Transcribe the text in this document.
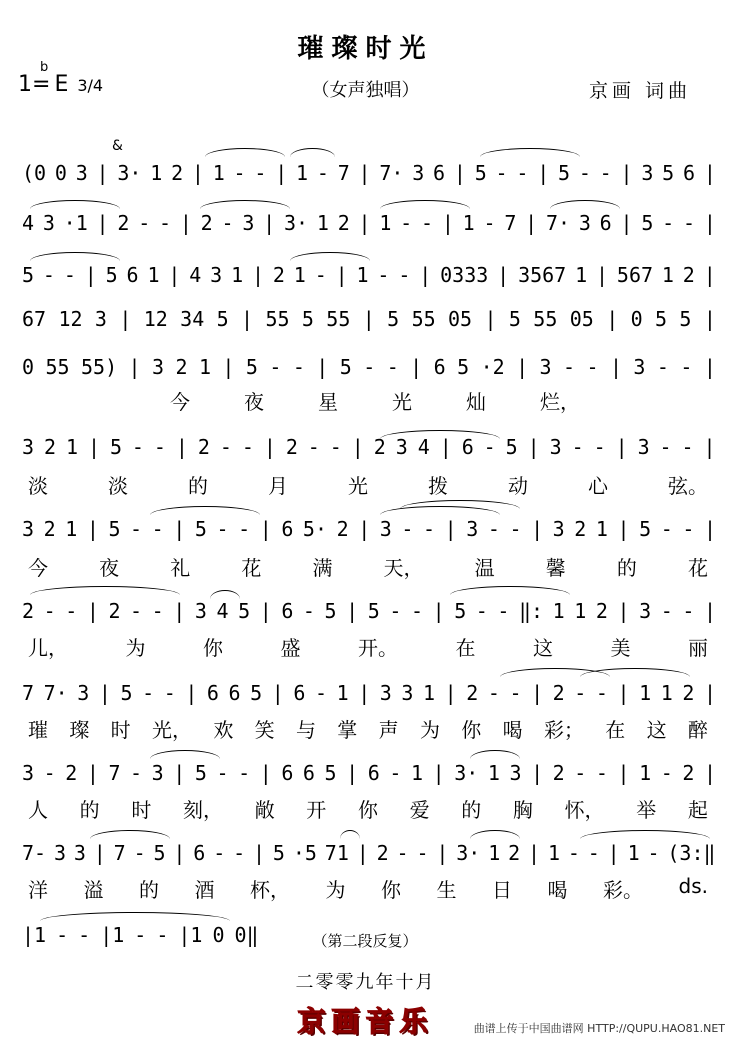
璀璨时光
1=
b
E 3/4	（女声独唱）	京画 词曲
&
(0 0 3 | 3· 1 2 | 1 - - | 1 - 7 | 7· 3 6 | 5 - - | 5 - - | 3 5 6 |
4 3 ·1 | 2 - - | 2 - 3 | 3· 1 2 | 1 - - | 1 - 7 | 7· 3 6 | 5 - - |
5 - - | 5 6 1 | 4 3 1 | 2 1 - | 1 - - | 0333 | 3567 1 | 567 1 2 |
67 12 3 | 12 34 5 | 55 5 55 | 5 55 05 | 5 55 05 | 0 5 5 |
0 55 55) | 3 2 1 | 5 - - | 5 - - | 6 5 ·2 | 3 - - | 3 - - |
3 2 1 | 5 - - | 2 - - | 2 - - | 2 3 4 | 6 - 5 | 3 - - | 3 - - |
3 2 1 | 5 - - | 5 - - | 6 5· 2 | 3 - - | 3 - - | 3 2 1 | 5 - - |
2 - - | 2 - - | 3 4 5 | 6 - 5 | 5 - - | 5 - - ‖: 1 1 2 | 3 - - |
7 7· 3 | 5 - - | 6 6 5 | 6 - 1 | 3 3 1 | 2 - - | 2 - - | 1 1 2 |
3 - 2 | 7 - 3 | 5 - - | 6 6 5 | 6 - 1 | 3· 1 3 | 2 - - | 1 - 2 |
7- 3 3 | 7 - 5 | 6 - - | 5 ·5 71 | 2 - - | 3· 1 2 | 1 - - | 1 - (3:‖
|1 - - |1 - - |1 0 0‖
今	夜	星	光	灿	烂，
淡	淡	的	月	光	拨	动	心	弦。
今	夜	礼	花	满	天，	温	馨	的	花
儿，	为	你	盛	开。	在	这	美	丽
璀 璨 时 光， 欢 笑 与 掌 声 为 你 喝 彩； 在 这 醉
人 的 时 刻， 敞 开 你 爱 的 胸 怀， 举 起
洋 溢 的 酒 杯， 为 你 生 日 喝 彩。 ds.
（第二段反复）
二零零九年十月
京画音乐	曲谱上传于中国曲谱网 HTTP://QUPU.HAO81.NET
